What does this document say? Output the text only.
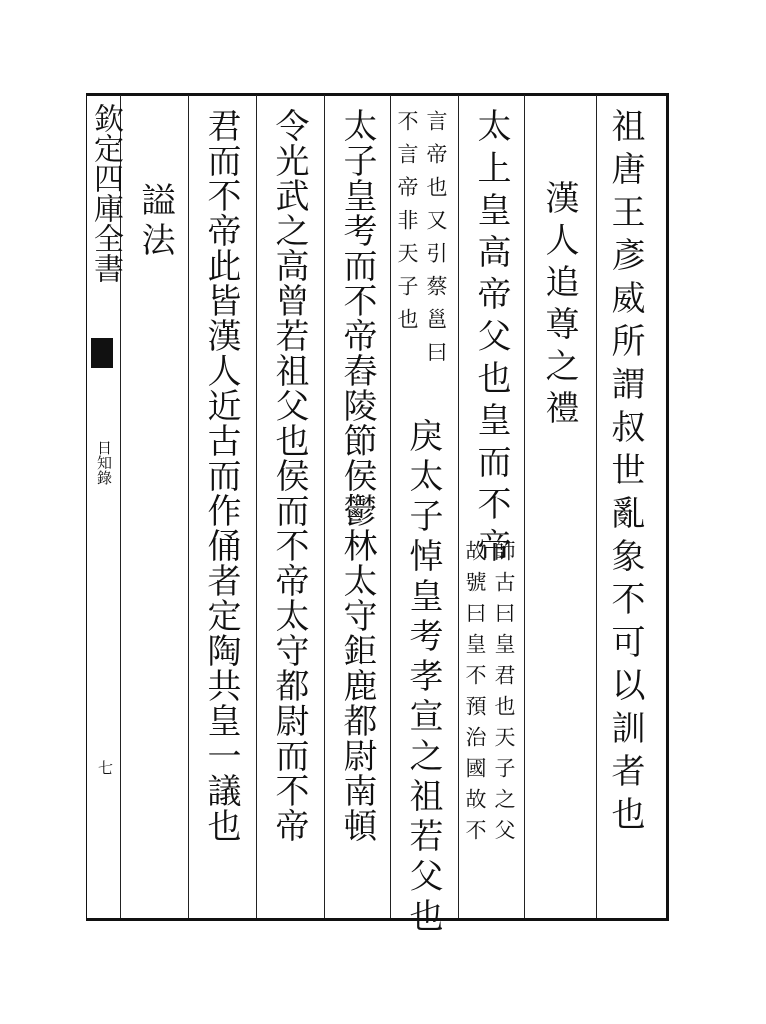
欽定四庫全書
日知錄
七	祖唐王彥威所謂叔世亂象不可以訓者也
漢人追尊之禮
太上皇高帝父也皇而不帝
師古曰皇君也天子之父
故號曰皇不預治國故不
言帝也又引蔡邕曰
不言帝非天子也
戾太子悼皇考孝宣之祖若父也
太子皇考而不帝舂陵節侯鬱林太守鉅鹿都尉南頓
令光武之高曾若祖父也侯而不帝太守都尉而不帝
君而不帝此皆漢人近古而作俑者定陶共皇一議也
謚法
